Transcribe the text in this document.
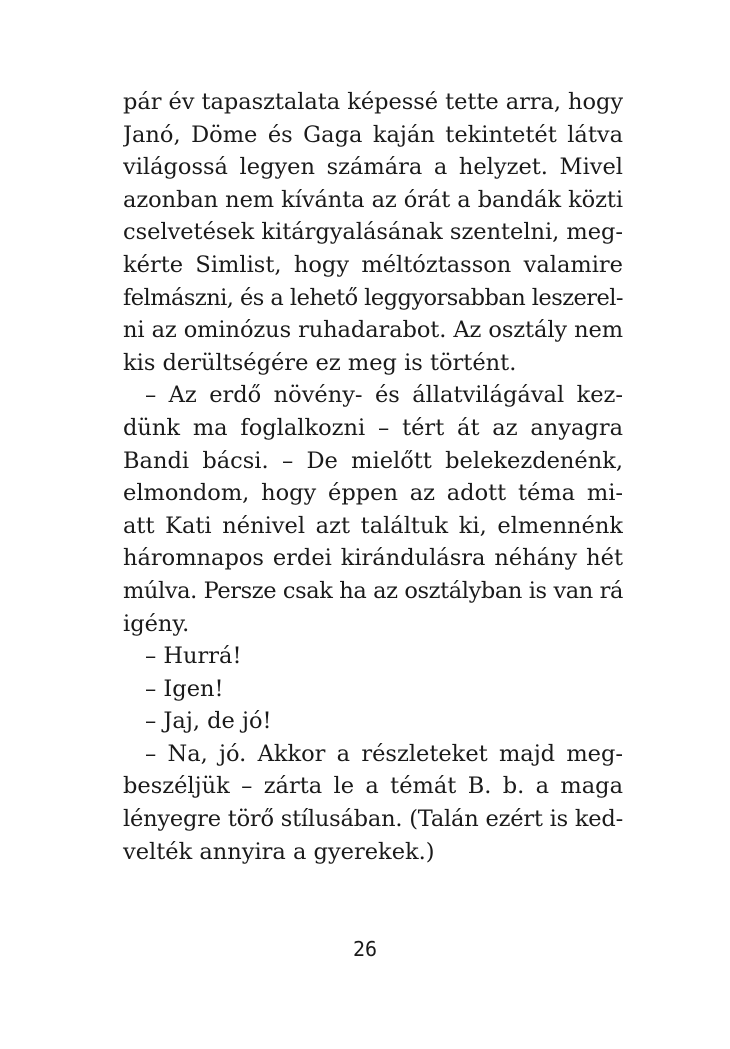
pár év tapasztalata képessé tette arra, hogy
Janó, Döme és Gaga kaján tekintetét látva
világossá legyen számára a helyzet. Mivel
azonban nem kívánta az órát a bandák közti
cselvetések kitárgyalásának szentelni, meg-
kérte Simlist, hogy méltóztasson valamire
felmászni, és a lehető leggyorsabban leszerel-
ni az ominózus ruhadarabot. Az osztály nem
kis derültségére ez meg is történt.
– Az erdő növény- és állatvilágával kez-
dünk ma foglalkozni – tért át az anyagra
Bandi bácsi. – De mielőtt belekezdenénk,
elmondom, hogy éppen az adott téma mi-
att Kati nénivel azt találtuk ki, elmennénk
háromnapos erdei kirándulásra néhány hét
múlva. Persze csak ha az osztályban is van rá
igény.
– Hurrá!
– Igen!
– Jaj, de jó!
– Na, jó. Akkor a részleteket majd meg-
beszéljük – zárta le a témát B. b. a maga
lényegre törő stílusában. (Talán ezért is ked-
velték annyira a gyerekek.)
26
